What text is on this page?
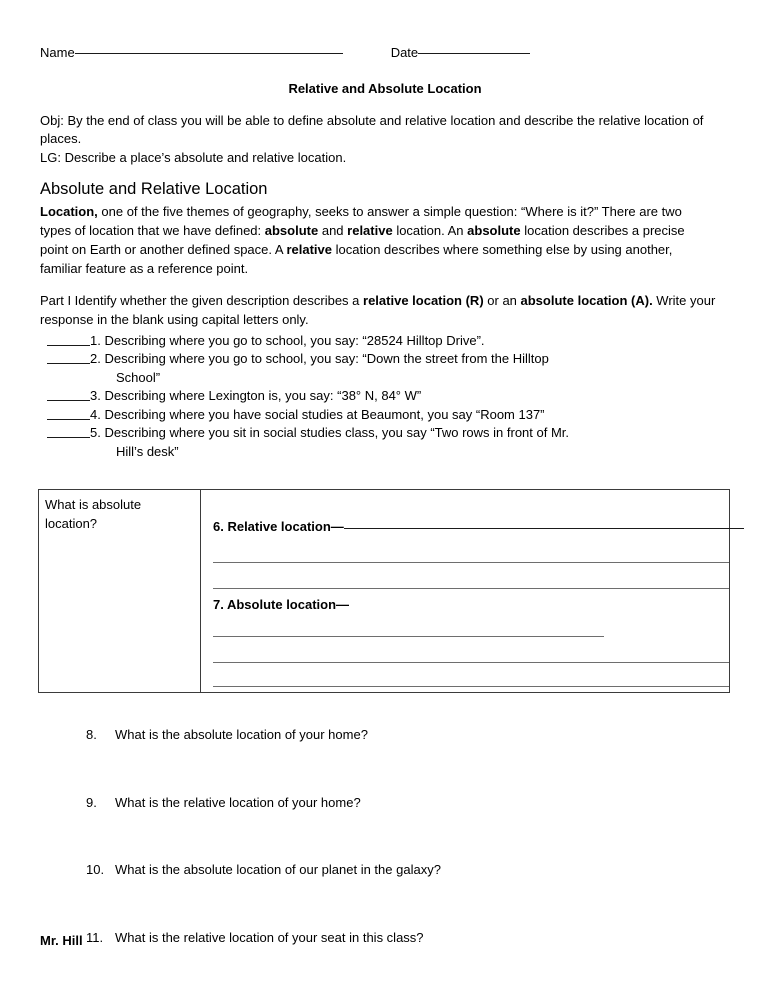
Name	Date
Relative and Absolute Location
Obj: By the end of class you will be able to define absolute and relative location and describe the relative location of places.
LG: Describe a place’s absolute and relative location.
Absolute and Relative Location
Location, one of the five themes of geography, seeks to answer a simple question: “Where is it?” There are two types of location that we have defined: absolute and relative location. An absolute location describes a precise point on Earth or another defined space. A relative location describes where something else by using another, familiar feature as a reference point.
Part I Identify whether the given description describes a relative location (R) or an absolute location (A). Write your response in the blank using capital letters only.
1. Describing where you go to school, you say: “28524 Hilltop Drive”.
2. Describing where you go to school, you say: “Down the street from the Hilltop
School”
3. Describing where Lexington is, you say: “38° N, 84° W”
4. Describing where you have social studies at Beaumont, you say “Room 137”
5. Describing where you sit in social studies class, you say “Two rows in front of Mr.
Hill’s desk”
What is absolute location?	6. Relative location—
7. Absolute location—
8. What is the absolute location of your home?
9. What is the relative location of your home?
10. What is the absolute location of our planet in the galaxy?
11. What is the relative location of your seat in this class?
Mr. Hill
